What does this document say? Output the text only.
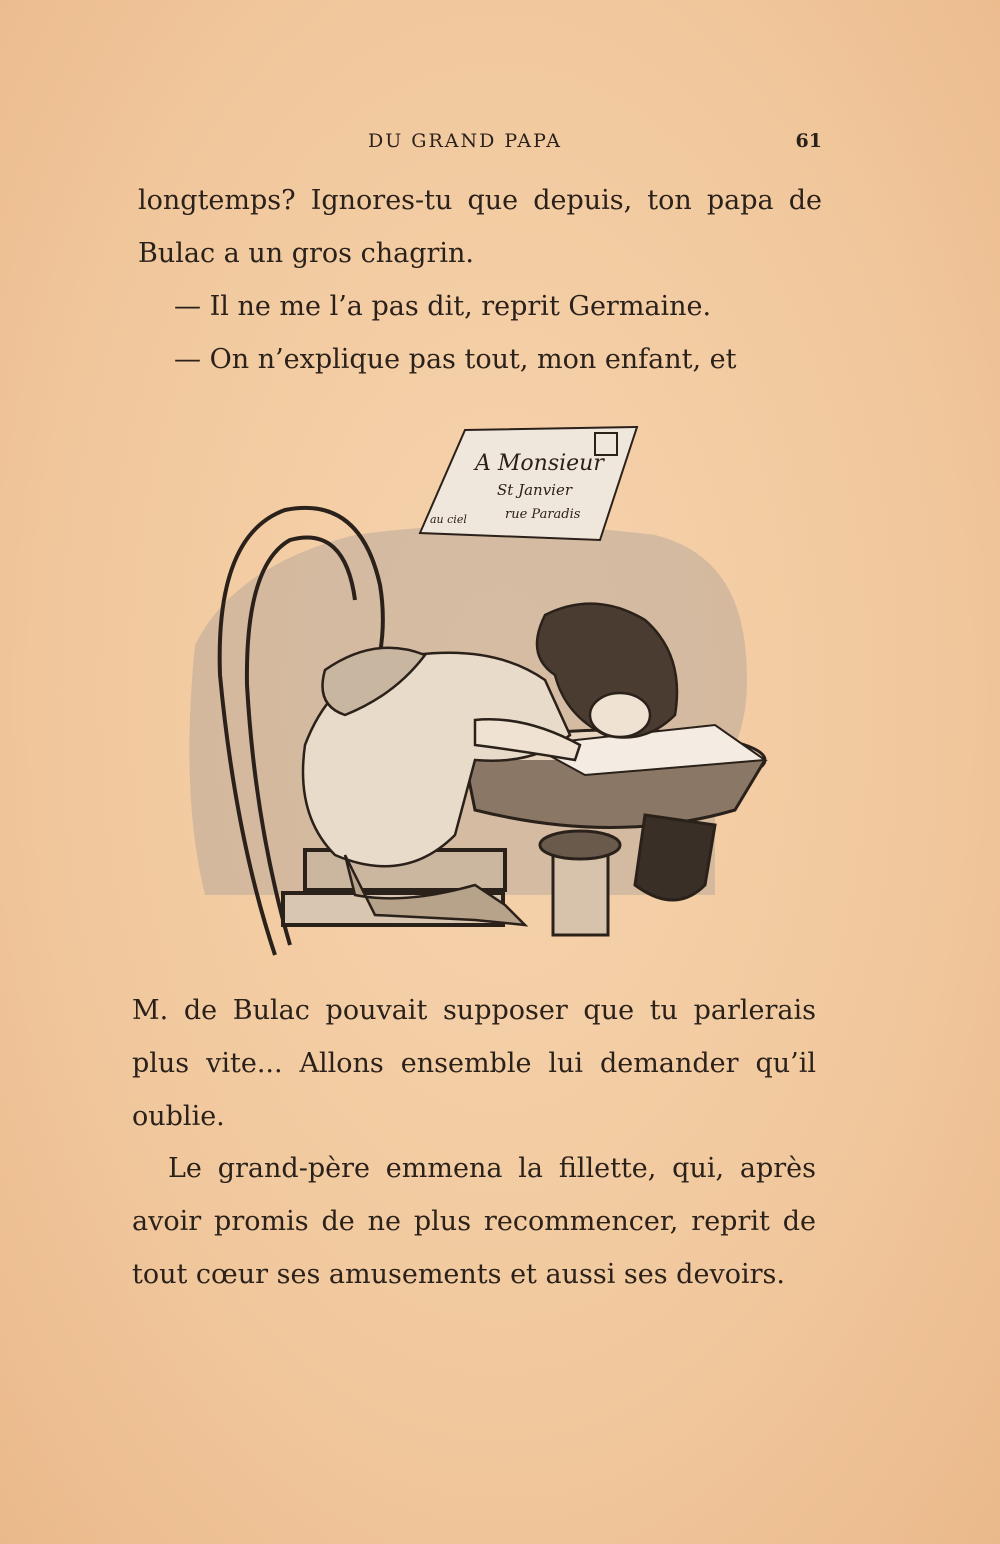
DU GRAND PAPA	61

longtemps? Ignores-tu que depuis, ton papa de Bulac a un gros chagrin.

— Il ne me l’a pas dit, reprit Germaine.

— On n’explique pas tout, mon enfant, et

A Monsieur
St Janvier
rue Paradis
au ciel

M. de Bulac pouvait supposer que tu parlerais plus vite... Allons ensemble lui demander qu’il oublie.

Le grand-père emmena la fillette, qui, après avoir promis de ne plus recommencer, reprit de tout cœur ses amusements et aussi ses devoirs.
